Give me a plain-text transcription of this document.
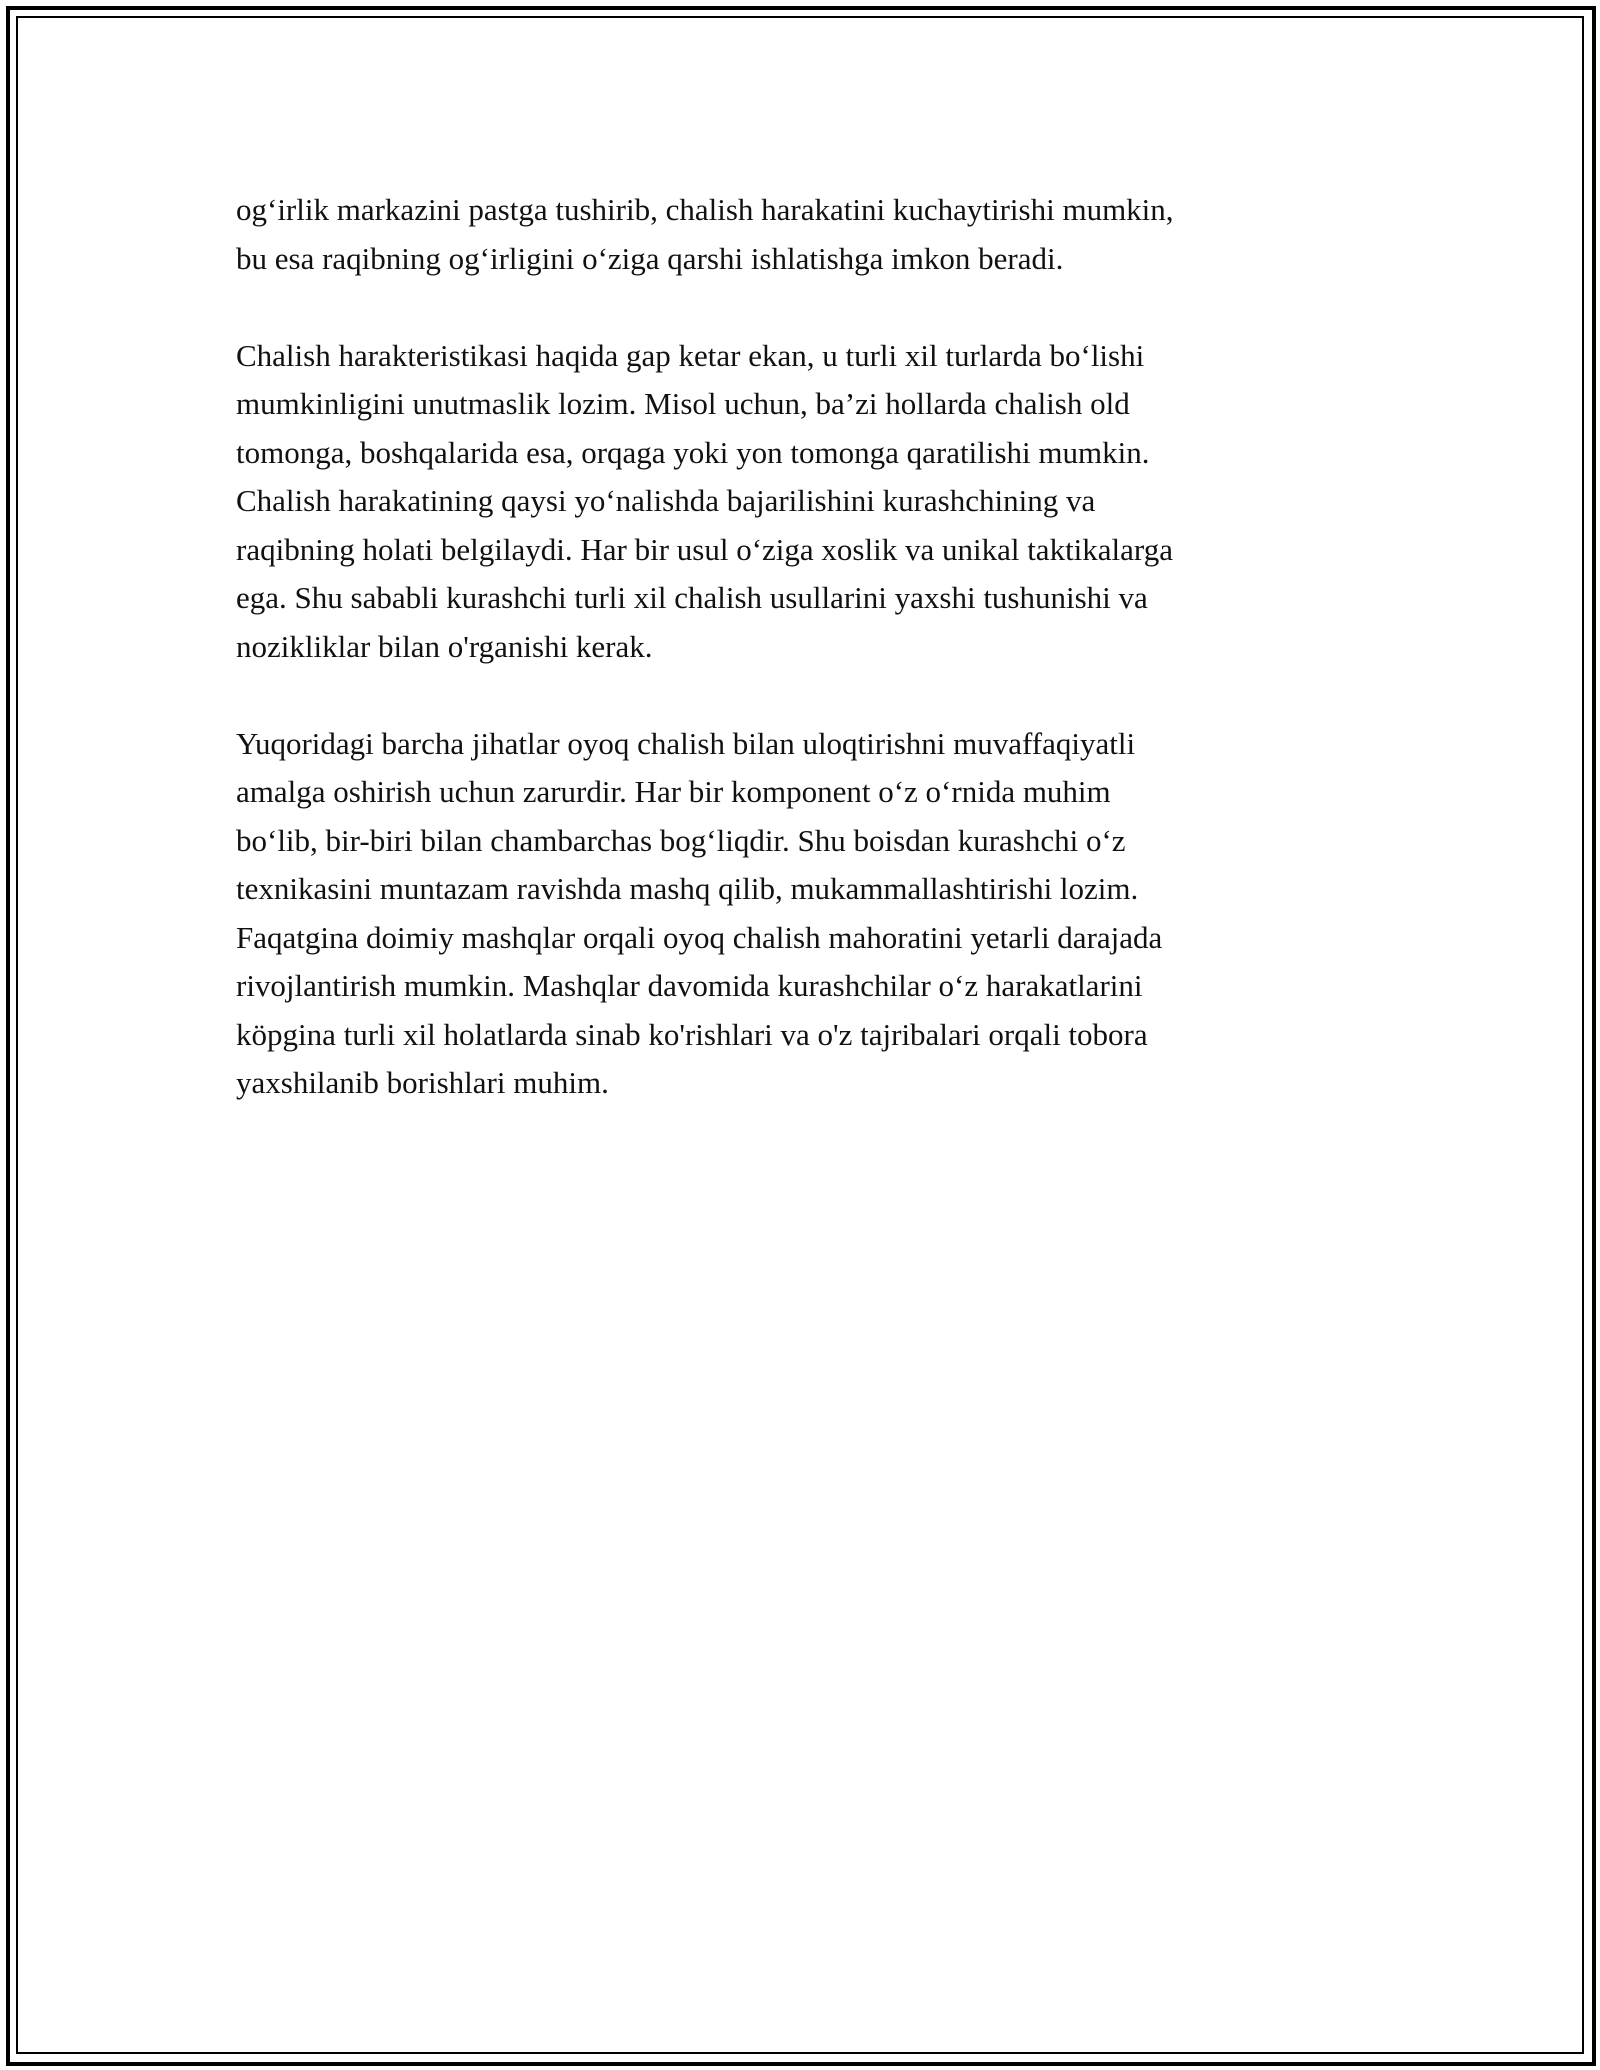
og‘irlik markazini pastga tushirib, chalish harakatini kuchaytirishi mumkin,
bu esa raqibning og‘irligini o‘ziga qarshi ishlatishga imkon beradi.

Chalish harakteristikasi haqida gap ketar ekan, u turli xil turlarda bo‘lishi
mumkinligini unutmaslik lozim. Misol uchun, ba’zi hollarda chalish old
tomonga, boshqalarida esa, orqaga yoki yon tomonga qaratilishi mumkin.
Chalish harakatining qaysi yo‘nalishda bajarilishini kurashchining va
raqibning holati belgilaydi. Har bir usul o‘ziga xoslik va unikal taktikalarga
ega. Shu sababli kurashchi turli xil chalish usullarini yaxshi tushunishi va
nozikliklar bilan o'rganishi kerak.

Yuqoridagi barcha jihatlar oyoq chalish bilan uloqtirishni muvaffaqiyatli
amalga oshirish uchun zarurdir. Har bir komponent o‘z o‘rnida muhim
bo‘lib, bir-biri bilan chambarchas bog‘liqdir. Shu boisdan kurashchi o‘z
texnikasini muntazam ravishda mashq qilib, mukammallashtirishi lozim.
Faqatgina doimiy mashqlar orqali oyoq chalish mahoratini yetarli darajada
rivojlantirish mumkin. Mashqlar davomida kurashchilar o‘z harakatlarini
köpgina turli xil holatlarda sinab ko'rishlari va o'z tajribalari orqali tobora
yaxshilanib borishlari muhim.
